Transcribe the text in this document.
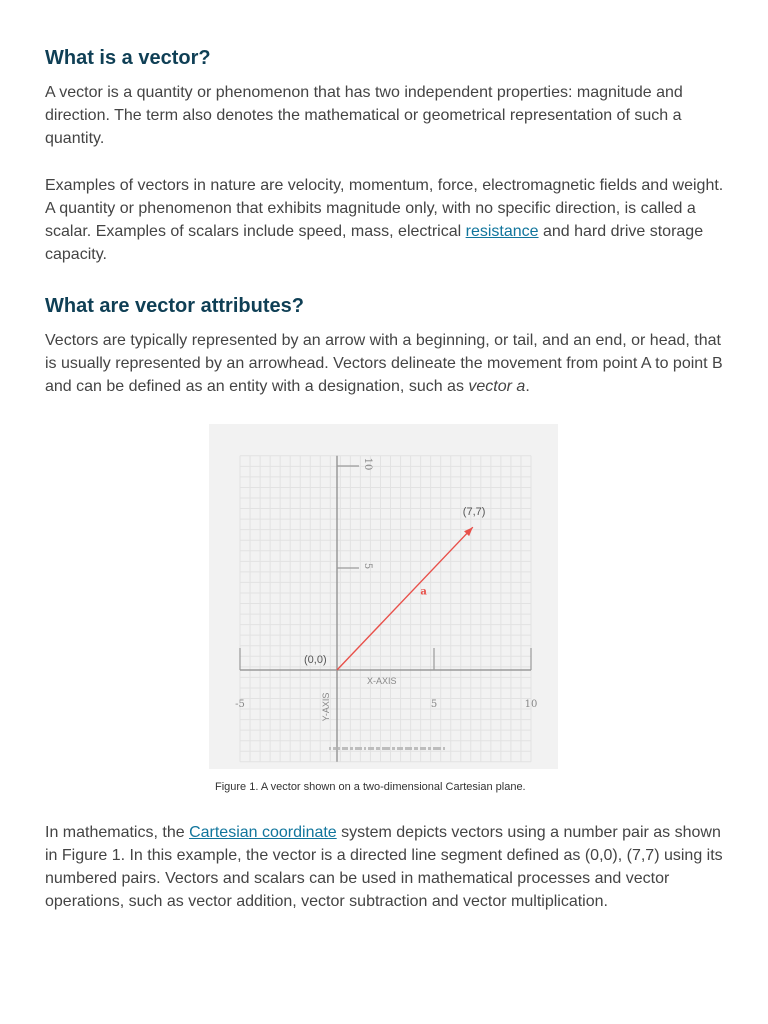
What is a vector?

A vector is a quantity or phenomenon that has two independent properties: magnitude and direction. The term also denotes the mathematical or geometrical representation of such a quantity.

Examples of vectors in nature are velocity, momentum, force, electromagnetic fields and weight. A quantity or phenomenon that exhibits magnitude only, with no specific direction, is called a scalar. Examples of scalars include speed, mass, electrical resistance and hard drive storage capacity.

What are vector attributes?

Vectors are typically represented by an arrow with a beginning, or tail, and an end, or head, that is usually represented by an arrowhead. Vectors delineate the movement from point A to point B and can be defined as an entity with a designation, such as vector a.

In mathematics, the Cartesian coordinate system depicts vectors using a number pair as shown in Figure 1. In this example, the vector is a directed line segment defined as (0,0), (7,7) using its numbered pairs. Vectors and scalars can be used in mathematical processes and vector operations, such as vector addition, vector subtraction and vector multiplication.

-5	5	10
5
10
(0,0)
(7,7)
a
X-AXIS
Y-AXIS
Figure 1. A vector shown on a two-dimensional Cartesian plane.
